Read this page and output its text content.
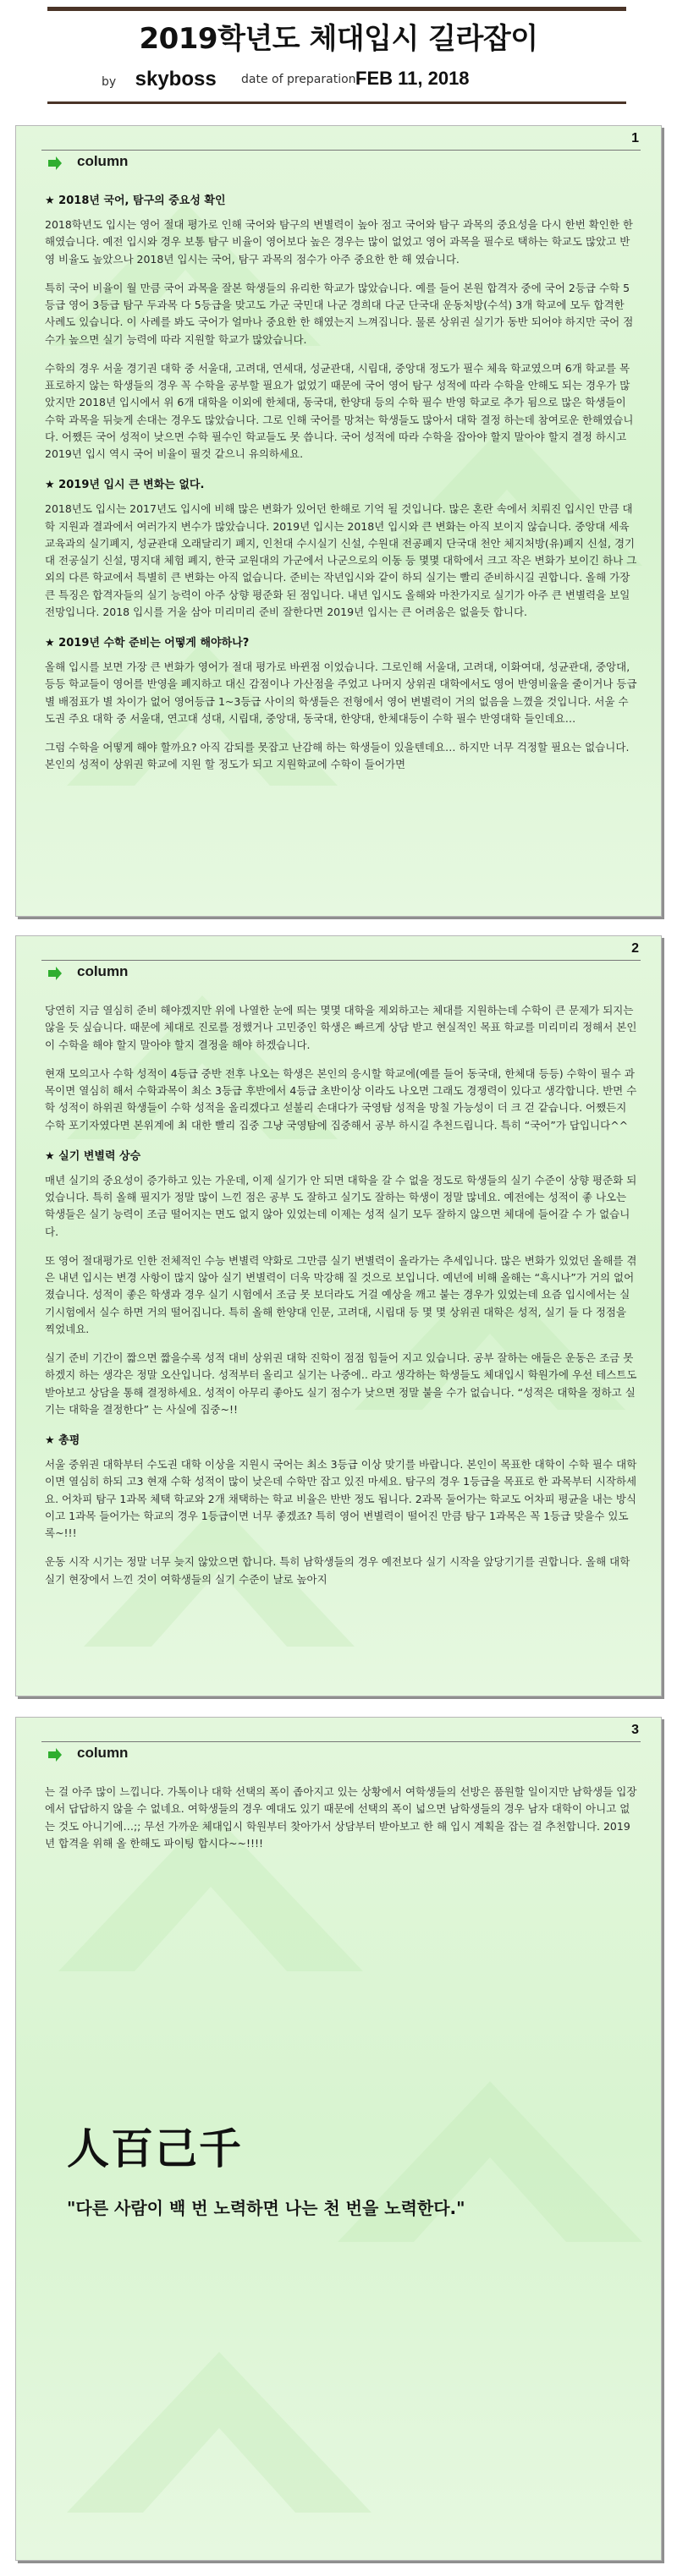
2019학년도 체대입시 길라잡이
by skyboss date of preparation FEB 11, 2018
1
column
★ 2018년 국어, 탐구의 중요성 확인

2018학년도 입시는 영어 절대 평가로 인해 국어와 탐구의 변별력이 높아 점고 국어와 탐구 과목의 중요성을 다시 한번 확인한 한해였습니다. 예전 입시와 경우 보통 탐구 비율이 영어보다 높은 경우는 많이 없었고 영어 과목을 필수로 택하는 학교도 많았고 반영 비율도 높았으나 2018년 입시는 국어, 탐구 과목의 점수가 아주 중요한 한 해 였습니다.

특히 국어 비율이 월 만큼 국어 과목을 잘본 학생들의 유리한 학교가 많았습니다. 예를 들어 본원 합격자 중에 국어 2등급 수학 5등급 영어 3등급 탐구 두과목 다 5등급을 맞고도 가군 국민대 나군 경희대 다군 단국대 운동처방(수석) 3개 학교에 모두 합격한 사례도 있습니다. 이 사례를 봐도 국어가 얼마나 중요한 한 해였는지 느껴집니다. 물론 상위권 실기가 동반 되어야 하지만 국어 점수가 높으면 실기 능력에 따라 지원할 학교가 많았습니다.

수학의 경우 서울 경기권 대학 중 서울대, 고려대, 연세대, 성균관대, 시립대, 중앙대 정도가 필수 체육 학교였으며 6개 학교를 목표로하지 않는 학생들의 경우 꼭 수학을 공부할 필요가 없었기 때문에 국어 영어 탐구 성적에 따라 수학을 안해도 되는 경우가 많았지만 2018년 입시에서 위 6개 대학을 이외에 한체대, 동국대, 한양대 등의 수학 필수 반영 학교로 추가 됨으로 많은 학생들이 수학 과목을 뒤늦게 손대는 경우도 많았습니다. 그로 인해 국어를 망쳐는 학생들도 많아서 대학 결정 하는데 참여로운 한해였습니다. 어쨌든 국어 성적이 낮으면 수학 필수인 학교들도 못 씁니다. 국어 성적에 따라 수학을 잡아야 할지 말아야 할지 결정 하시고 2019년 입시 역시 국어 비율이 필것 같으니 유의하세요.

★ 2019년 입시 큰 변화는 없다.

2018년도 입시는 2017년도 입시에 비해 많은 변화가 있어던 한해로 기억 될 것입니다. 많은 혼란 속에서 치뤄진 입시인 만큼 대학 지원과 결과에서 여러가지 변수가 많았습니다. 2019년 입시는 2018년 입시와 큰 변화는 아직 보이지 않습니다. 중앙대 세육교육과의 실기폐지, 성균관대 오래달리기 폐지, 인천대 수시실기 신설, 수원대 전공폐지 단국대 천안 체지처방(유)폐지 신설, 경기대 전공실기 신설, 명지대 체험 폐지, 한국 교원대의 가군에서 나군으로의 이동 등 몇몇 대학에서 크고 작은 변화가 보이긴 하나 그외의 다른 학교에서 특별히 큰 변화는 아직 없습니다. 준비는 작년입시와 같이 하되 실기는 빨리 준비하시길 권합니다. 올해 가장 큰 특징은 합격자들의 실기 능력이 아주 상향 평준화 된 점입니다. 내년 입시도 올해와 마찬가지로 실기가 아주 큰 변별력을 보일 전망입니다. 2018 입시를 거울 삼아 미리미리 준비 잘한다면 2019년 입시는 큰 어려움은 없을듯 합니다.

★ 2019년 수학 준비는 어떻게 해야하나?

올해 입시를 보면 가장 큰 변화가 영어가 절대 평가로 바뀐점 이었습니다. 그로인해 서울대, 고려대, 이화여대, 성균관대, 중앙대, 등등 학교들이 영어를 반영을 폐지하고 대신 감점이나 가산점을 주었고 나머지 상위권 대학에서도 영어 반영비율을 줄이거나 등급별 배점표가 별 차이가 없어 영어등급 1~3등급 사이의 학생들은 전형에서 영어 변별력이 거의 없음을 느꼈을 것입니다. 서울 수도권 주요 대학 중 서울대, 연고대 성대, 시립대, 중앙대, 동국대, 한양대, 한체대등이 수학 필수 반영대학 들인데요…

그럼 수학을 어떻게 해야 할까요? 아직 감되를 못잡고 난감해 하는 학생들이 있을텐데요… 하지만 너무 걱정할 필요는 없습니다. 본인의 성적이 상위권 학교에 지원 할 정도가 되고 지원학교에 수학이 들어가면

2
column

당연히 지금 열심히 준비 해야겠지만 위에 나열한 눈에 띄는 몇몇 대학을 제외하고는 체대를 지원하는데 수학이 큰 문제가 되지는 않을 듯 싶습니다. 때문에 체대로 진로를 정했거나 고민중인 학생은 빠르게 상담 받고 현실적인 목표 학교를 미리미리 정해서 본인이 수학을 해야 할지 말아야 할지 결정을 해야 하겠습니다.

현재 모의고사 수학 성적이 4등급 중반 전후 나오는 학생은 본인의 응시할 학교에(예를 들어 동국대, 한체대 등등) 수학이 필수 과목이면 열심히 해서 수학과목이 최소 3등급 후반에서 4등급 초반이상 이라도 나오면 그래도 경쟁력이 있다고 생각합니다. 반면 수학 성적이 하위권 학생들이 수학 성적을 올리겠다고 섣불리 손대다가 국영탐 성적을 망칠 가능성이 더 크 걷 같습니다. 어쨌든지 수학 포기자였다면 본위계에 최 대한 빨리 집중 그냥 국영탐에 집중해서 공부 하시길 추천드립니다. 특히 “국어”가 답입니다^^

★ 실기 변별력 상승

매년 실기의 중요성이 증가하고 있는 가운데, 이제 실기가 안 되면 대학을 갈 수 없을 정도로 학생들의 실기 수준이 상향 평준화 되었습니다. 특히 올해 필지가 정말 많이 느낀 점은 공부 도 잘하고 실기도 잘하는 학생이 정말 많네요. 예전에는 성적이 좋 나오는 학생들은 실기 능력이 조금 떨어지는 면도 없지 않아 있었는데 이제는 성적 실기 모두 잘하지 않으면 체대에 들어갈 수 가 없습니다.

또 영어 절대평가로 인한 전체적인 수능 변별력 약화로 그만큼 실기 변별력이 올라가는 추세입니다. 많은 변화가 있었던 올해를 겪은 내년 입시는 변경 사항이 많지 않아 실기 변별력이 더욱 막강해 질 것으로 보입니다. 예년에 비해 올해는 “흑시나”가 거의 없어졌습니다. 성적이 좋은 학생과 경우 실기 시험에서 조금 못 보더라도 거걸 예상을 깨고 붙는 경우가 있었는데 요즘 입시에서는 실기시험에서 실수 하면 거의 떨어집니다. 특히 올해 한양대 인문, 고려대, 시립대 등 몇 몇 상위권 대학은 성적, 실기 들 다 정점을 찍었네요.

실기 준비 기간이 짧으면 짧을수록 성적 대비 상위권 대학 진학이 점점 힘들어 지고 있습니다. 공부 잘하는 애들은 운동은 조금 못하겠지 하는 생각은 정말 오산입니다. 성적부터 올리고 실기는 나중에.. 라고 생각하는 학생들도 체대입시 학원가에 우선 테스트도 받아보고 상담을 통해 결정하세요. 성적이 아무리 좋아도 실기 점수가 낮으면 정말 붙을 수가 없습니다. “성적은 대학을 정하고 실기는 대학을 결정한다” 는 사실에 집중~!!

★ 총평

서울 중위권 대학부터 수도권 대학 이상을 지원시 국어는 최소 3등급 이상 맞기를 바랍니다. 본인이 목표한 대학이 수학 필수 대학이면 열심히 하되 고3 현재 수학 성적이 많이 낮은데 수학만 잡고 있진 마세요. 탐구의 경우 1등급을 목표로 한 과목부터 시작하세요. 어차피 탐구 1과목 체택 학교와 2개 채택하는 학교 비율은 반반 정도 됩니다. 2과목 둘어가는 학교도 어차피 평균을 내는 방식이고 1과목 들어가는 학교의 경우 1등급이면 너무 좋겠죠? 특히 영어 변별력이 떨어진 만큼 탐구 1과목은 꼭 1등급 맞을수 있도록~!!!

운동 시작 시기는 정말 너무 늦지 않았으면 합니다. 특히 남학생들의 경우 예전보다 실기 시작을 앞당기기를 권합니다. 올해 대학 실기 현장에서 느낀 것이 여학생들의 실기 수준이 날로 높아지

3
column

는 걸 아주 많이 느낍니다. 가톡이나 대학 선택의 폭이 좁아지고 있는 상황에서 여학생들의 선방은 품원할 일이지만 남학생들 입장에서 답답하지 않을 수 없네요. 여학생들의 경우 예대도 있기 때문에 선택의 폭이 넓으면 남학생들의 경우 남자 대학이 아니고 없는 것도 아니기에…;; 무선 가까운 체대입시 학원부터 찾아가서 상담부터 받아보고 한 해 입시 계획을 잡는 걸 추천합니다. 2019년 합격을 위해 올 한해도 파이팅 합시다~~!!!!

人百己千
"다른 사람이 백 번 노력하면 나는 천 번을 노력한다."
